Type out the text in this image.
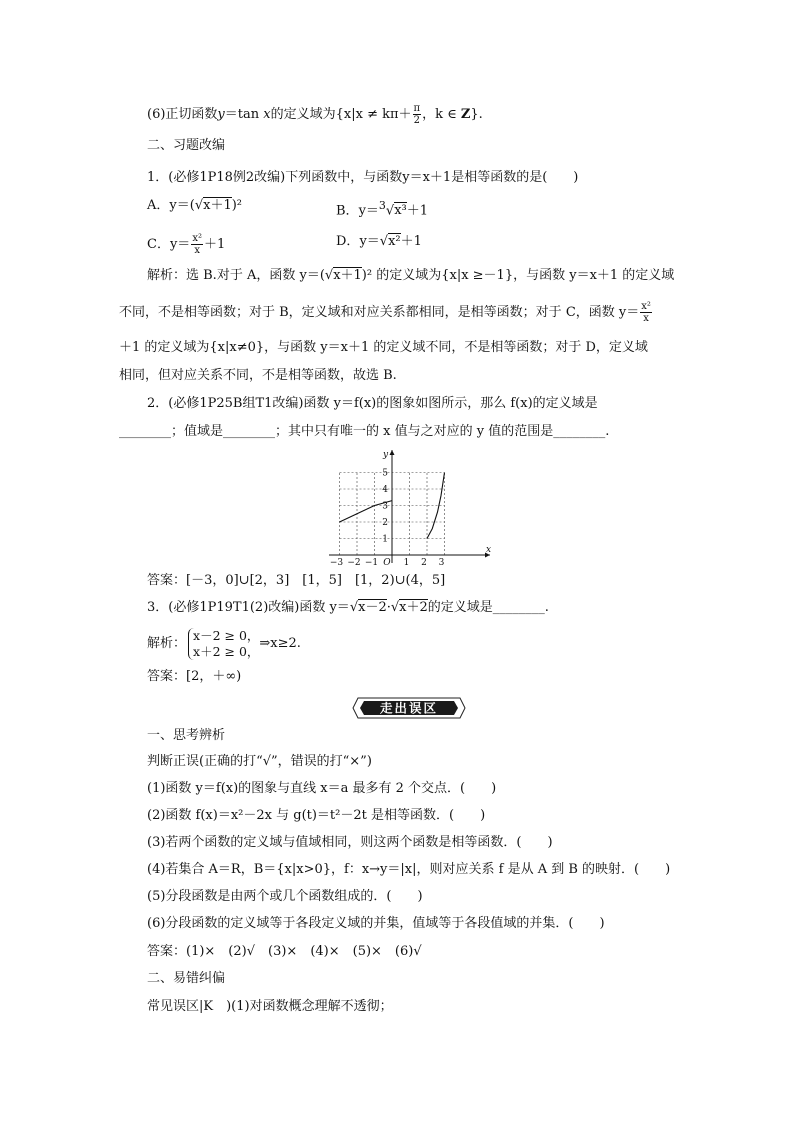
(6)正切函数y＝tan x的定义域为{$x|x \ne k\pi+ \frac{\pi}{2}$ ，k ∈ Z}.
二、习题改编
1．(必修1P18例2改编)下列函数中，与函数y＝x＋1是相等函数的是(　　)
A．y＝(√x＋1)²	B．y＝$^3$√x³＋1
C．$y= \frac{\text{x²}}{x} +1$	D．y＝√x²＋1
解析：选 B.对于 A，函数 y＝(√x＋1)² 的定义域为{x|x ≥－1}，与函数 y＝x＋1 的定义域
不同，不是相等函数；对于 B，定义域和对应关系都相同，是相等函数；对于 C，函数 $y= \frac{\text{x²}}{x}$
＋1 的定义域为{x|x≠0}，与函数 y＝x＋1 的定义域不同，不是相等函数；对于 D，定义域
相同，但对应关系不同，不是相等函数，故选 B.
2．(必修1P25B组T1改编)函数 y＝f(x)的图象如图所示，那么 f(x)的定义域是
________；值域是________；其中只有唯一的 x 值与之对应的 y 值的范围是________.
−3 −2 −1 O 1 2 3
1
2
3
4
5
x
y
答案：[－3，0]∪[2，3]　[1，5]　[1，2)∪(4，5]
3．(必修1P19T1(2)改编)函数 y＝√x－2·√x＋2的定义域是________.
解析：
x－2 ≥ 0，
x＋2 ≥ 0，
⇒x≥2.
答案：[2，＋∞)
走出误区
一、思考辨析
判断正误(正确的打“√”，错误的打“×”)
(1)函数 y＝f(x)的图象与直线 x＝a 最多有 2 个交点．(　　)
(2)函数 f(x)＝x²－2x 与 g(t)＝t²－2t 是相等函数．(　　)
(3)若两个函数的定义域与值域相同，则这两个函数是相等函数．(　　)
(4)若集合 A＝R，B＝{x|x>0}，f：x→y＝|x|，则对应关系 f 是从 A 到 B 的映射．(　　)
(5)分段函数是由两个或几个函数组成的．(　　)
(6)分段函数的定义域等于各段定义域的并集，值域等于各段值域的并集．(　　)
答案：(1)×　(2)√　(3)×　(4)×　(5)×　(6)√
二、易错纠偏
常见误区|K　)(1)对函数概念理解不透彻；
